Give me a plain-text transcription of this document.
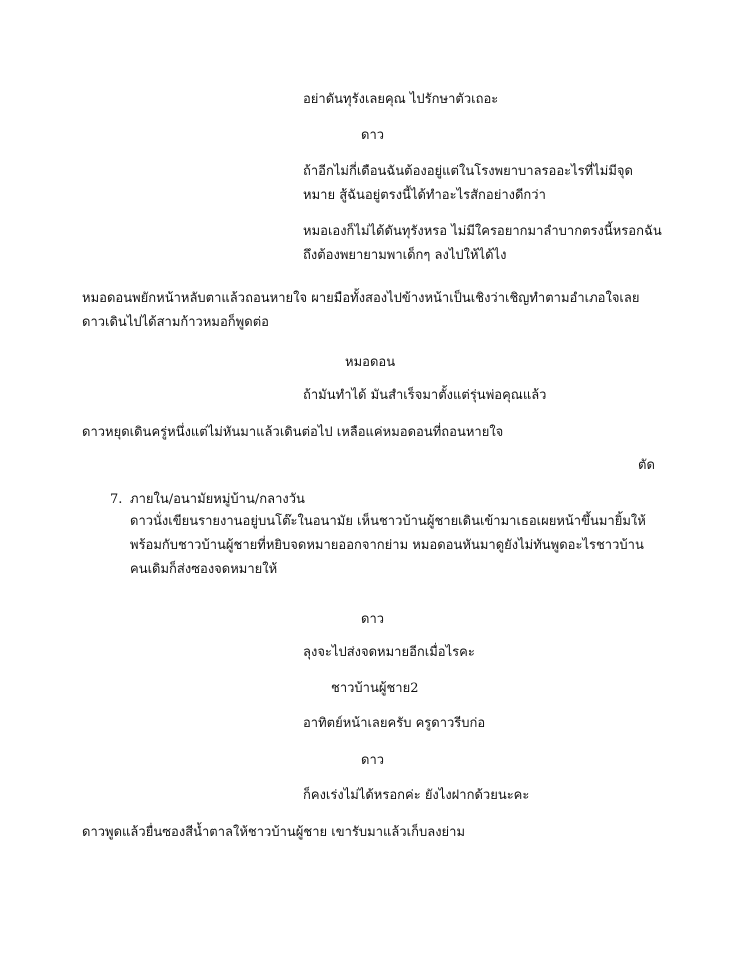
อย่าดันทุรังเลยคุณ ไปรักษาตัวเถอะ
ดาว
ถ้าอีกไม่กี่เดือนฉันต้องอยู่แต่ในโรงพยาบาลรออะไรที่ไม่มีจุดหมาย สู้ฉันอยู่ตรงนี้ได้ทำอะไรสักอย่างดีกว่า
หมอเองก็ไม่ได้ดันทุรังหรอ ไม่มีใครอยากมาลำบากตรงนี้หรอกฉัน ถึงต้องพยายามพาเด็กๆ ลงไปให้ได้ไง
หมอดอนพยักหน้าหลับตาแล้วถอนหายใจ ผายมือทั้งสองไปข้างหน้าเป็นเชิงว่าเชิญทำตามอำเภอใจเลย ดาวเดินไปได้สามก้าวหมอก็พูดต่อ
หมอดอน
ถ้ามันทำได้ มันสำเร็จมาตั้งแต่รุ่นพ่อคุณแล้ว
ดาวหยุดเดินครู่หนึ่งแต่ไม่หันมาแล้วเดินต่อไป เหลือแค่หมอดอนที่ถอนหายใจ
ตัด
7. ภายใน/อนามัยหมู่บ้าน/กลางวัน
ดาวนั่งเขียนรายงานอยู่บนโต๊ะในอนามัย เห็นชาวบ้านผู้ชายเดินเข้ามาเธอเผยหน้าขึ้นมายิ้มให้พร้อมกับชาวบ้านผู้ชายที่หยิบจดหมายออกจากย่าม หมอดอนหันมาดูยังไม่ทันพูดอะไรชาวบ้านคนเดิมก็ส่งซองจดหมายให้
ดาว
ลุงจะไปส่งจดหมายอีกเมื่อไรคะ
ชาวบ้านผู้ชาย2
อาทิตย์หน้าเลยครับ ครูดาวรีบก่อ
ดาว
ก็คงเร่งไม่ได้หรอกค่ะ ยังไงฝากด้วยนะคะ
ดาวพูดแล้วยื่นซองสีน้ำตาลให้ชาวบ้านผู้ชาย เขารับมาแล้วเก็บลงย่าม
